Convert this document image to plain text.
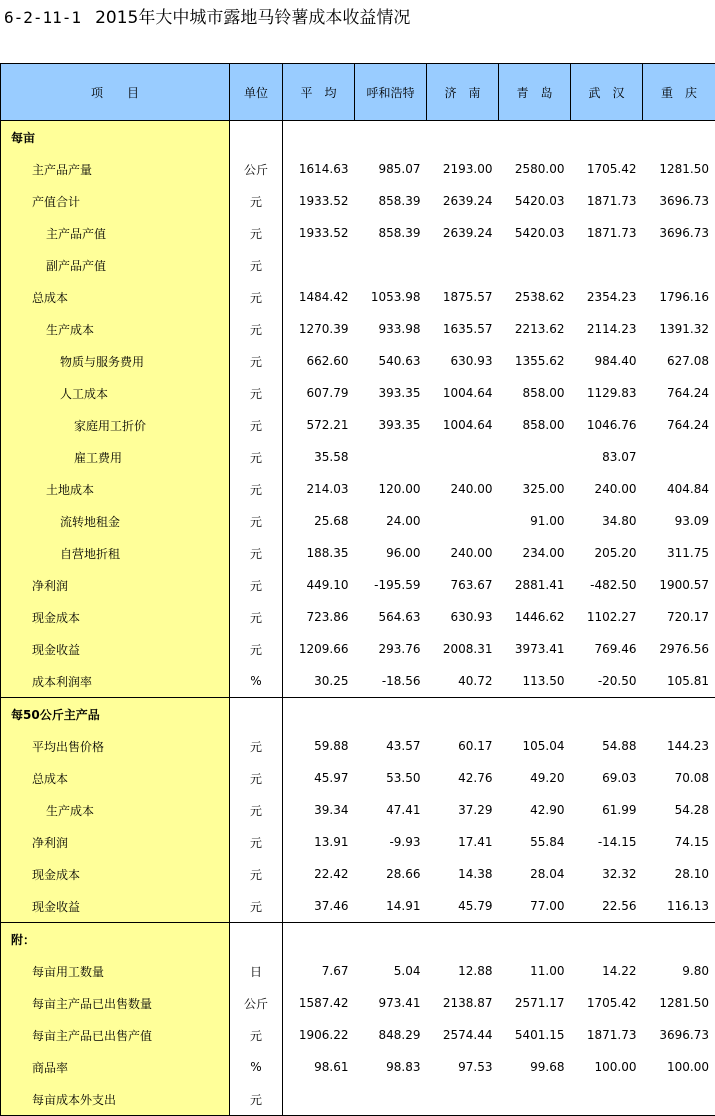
6-2-11-1 2015年大中城市露地马铃薯成本收益情况
项　　目	单位	平　均	呼和浩特	济　南	青　岛	武　汉	重　庆
每亩							
主产品产量	公斤	1614.63	985.07	2193.00	2580.00	1705.42	1281.50
产值合计	元	1933.52	858.39	2639.24	5420.03	1871.73	3696.73
主产品产值	元	1933.52	858.39	2639.24	5420.03	1871.73	3696.73
副产品产值	元						
总成本	元	1484.42	1053.98	1875.57	2538.62	2354.23	1796.16
生产成本	元	1270.39	933.98	1635.57	2213.62	2114.23	1391.32
物质与服务费用	元	662.60	540.63	630.93	1355.62	984.40	627.08
人工成本	元	607.79	393.35	1004.64	858.00	1129.83	764.24
家庭用工折价	元	572.21	393.35	1004.64	858.00	1046.76	764.24
雇工费用	元	35.58				83.07	
土地成本	元	214.03	120.00	240.00	325.00	240.00	404.84
流转地租金	元	25.68	24.00		91.00	34.80	93.09
自营地折租	元	188.35	96.00	240.00	234.00	205.20	311.75
净利润	元	449.10	-195.59	763.67	2881.41	-482.50	1900.57
现金成本	元	723.86	564.63	630.93	1446.62	1102.27	720.17
现金收益	元	1209.66	293.76	2008.31	3973.41	769.46	2976.56
成本利润率	%	30.25	-18.56	40.72	113.50	-20.50	105.81
每50公斤主产品							
平均出售价格	元	59.88	43.57	60.17	105.04	54.88	144.23
总成本	元	45.97	53.50	42.76	49.20	69.03	70.08
生产成本	元	39.34	47.41	37.29	42.90	61.99	54.28
净利润	元	13.91	-9.93	17.41	55.84	-14.15	74.15
现金成本	元	22.42	28.66	14.38	28.04	32.32	28.10
现金收益	元	37.46	14.91	45.79	77.00	22.56	116.13
附：							
每亩用工数量	日	7.67	5.04	12.88	11.00	14.22	9.80
每亩主产品已出售数量	公斤	1587.42	973.41	2138.87	2571.17	1705.42	1281.50
每亩主产品已出售产值	元	1906.22	848.29	2574.44	5401.15	1871.73	3696.73
商品率	%	98.61	98.83	97.53	99.68	100.00	100.00
每亩成本外支出	元						
